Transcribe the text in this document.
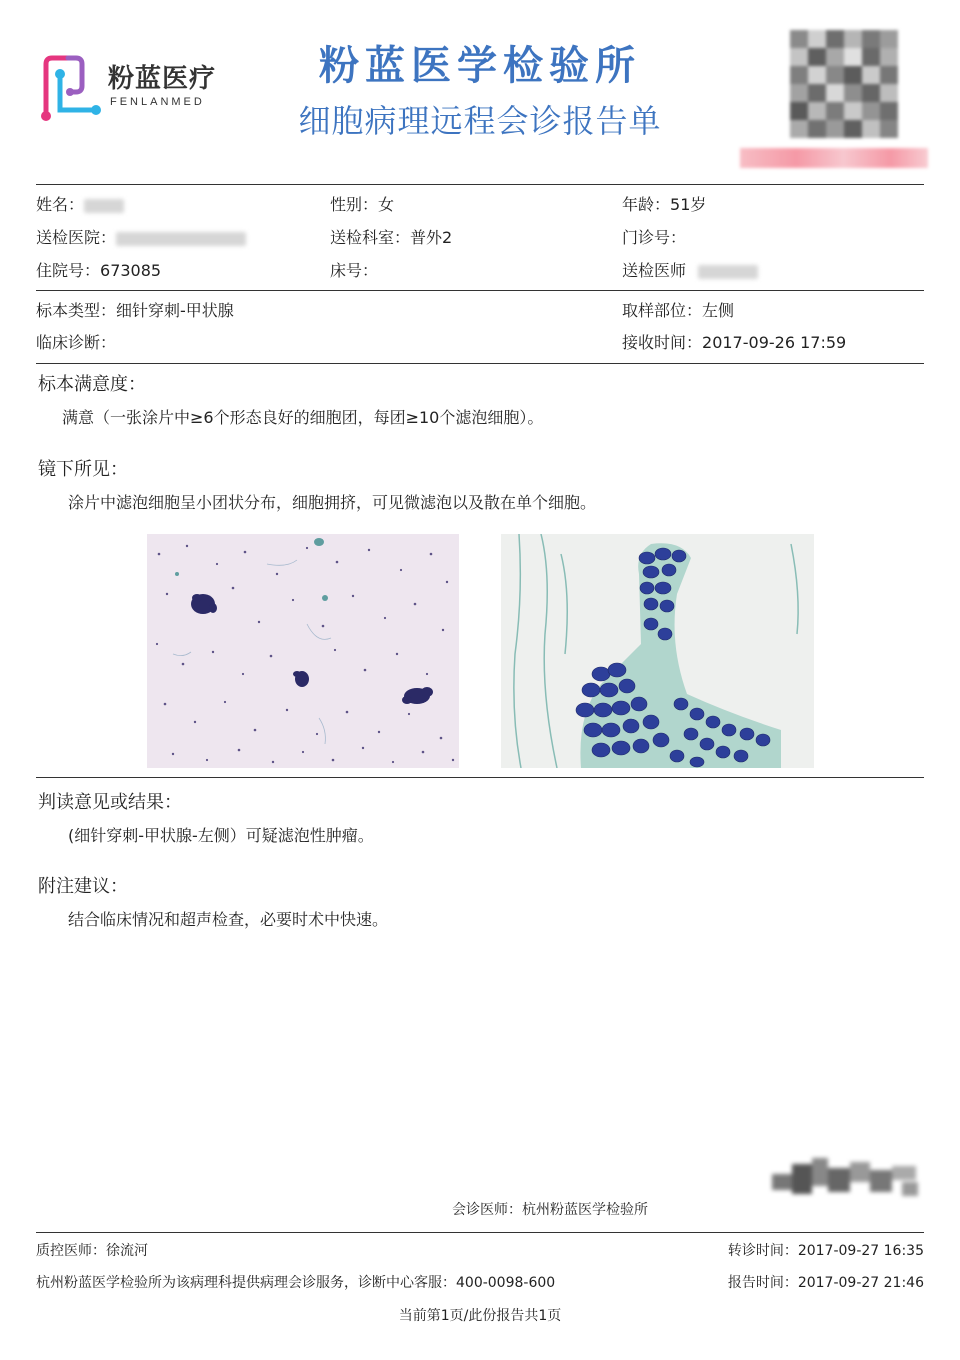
粉蓝医疗
FENLANMED
粉蓝医学检验所
细胞病理远程会诊报告单
姓名：	性别：女	年龄：51岁
送检医院：	送检科室：普外2	门诊号：
住院号：673085	床号：	送检医师
标本类型：细针穿刺-甲状腺	取样部位：左侧
临床诊断：	接收时间：2017-09-26 17:59
标本满意度：
满意（一张涂片中≥6个形态良好的细胞团，每团≥10个滤泡细胞）。
镜下所见：
涂片中滤泡细胞呈小团状分布，细胞拥挤，可见微滤泡以及散在单个细胞。
判读意见或结果：
(细针穿刺-甲状腺-左侧）可疑滤泡性肿瘤。
附注建议：
结合临床情况和超声检查，必要时术中快速。
会诊医师：杭州粉蓝医学检验所
质控医师：徐流河	转诊时间：2017-09-27 16:35
杭州粉蓝医学检验所为该病理科提供病理会诊服务，诊断中心客服：400-0098-600	报告时间：2017-09-27 21:46
当前第1页/此份报告共1页
